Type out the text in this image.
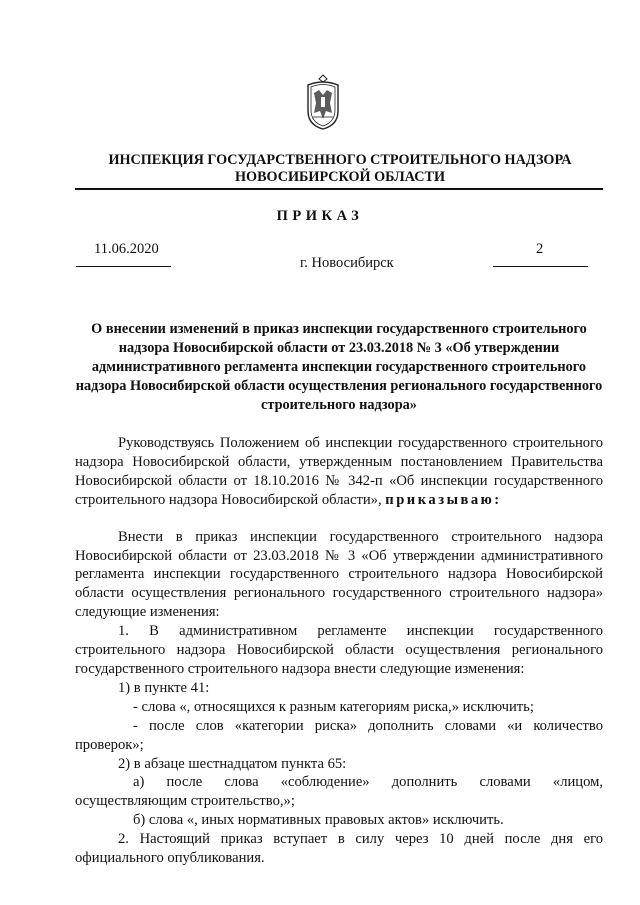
ИНСПЕКЦИЯ ГОСУДАРСТВЕННОГО СТРОИТЕЛЬНОГО НАДЗОРА
НОВОСИБИРСКОЙ ОБЛАСТИ
ПРИКАЗ
11.06.2020
г. Новосибирск
2
О внесении изменений в приказ инспекции государственного строительного надзора Новосибирской области от 23.03.2018 № 3 «Об утверждении административного регламента инспекции государственного строительного надзора Новосибирской области осуществления регионального государственного строительного надзора»

Руководствуясь Положением об инспекции государственного строительного надзора Новосибирской области, утвержденным постановлением Правительства Новосибирской области от 18.10.2016 № 342-п «Об инспекции государственного строительного надзора Новосибирской области», приказываю:

Внести в приказ инспекции государственного строительного надзора Новосибирской области от 23.03.2018 № 3 «Об утверждении административного регламента инспекции государственного строительного надзора Новосибирской области осуществления регионального государственного строительного надзора» следующие изменения:

1. В административном регламенте инспекции государственного строительного надзора Новосибирской области осуществления регионального государственного строительного надзора внести следующие изменения:

1) в пункте 41:

- слова «, относящихся к разным категориям риска,» исключить;

- после слов «категории риска» дополнить словами «и количество проверок»;

2) в абзаце шестнадцатом пункта 65:

а) после слова «соблюдение» дополнить словами «лицом, осуществляющим строительство,»;

б) слова «, иных нормативных правовых актов» исключить.

2. Настоящий приказ вступает в силу через 10 дней после дня его официального опубликования.
